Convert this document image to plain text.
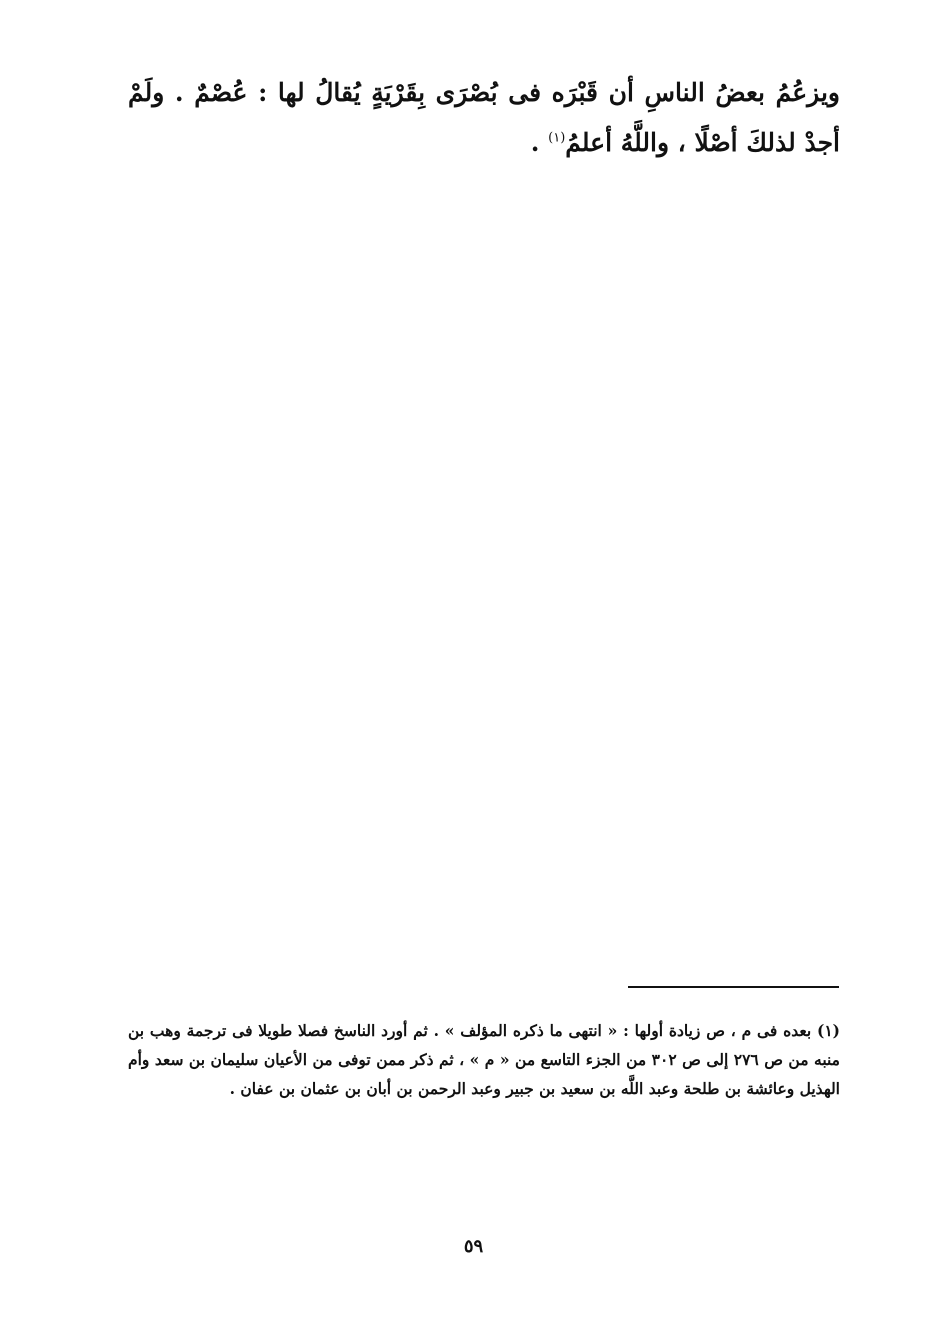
ويزعُمُ بعضُ الناسِ أن قَبْرَه فى بُصْرَى بِقَرْيَةٍ يُقالُ لها : عُصْمٌ . ولَمْ أجدْ لذلكَ أصْلًا ، واللَّهُ أعلمُ$^{(١)}$ .

(١) بعده فى م ، ص زيادة أولها : « انتهى ما ذكره المؤلف » . ثم أورد الناسخ فصلا طويلا فى ترجمة وهب بن منبه من ص ٢٧٦ إلى ص ٣٠٢ من الجزء التاسع من « م » ، ثم ذكر ممن توفى من الأعيان سليمان بن سعد وأم الهذيل وعائشة بن طلحة وعبد اللَّه بن سعيد بن جبير وعبد الرحمن بن أبان بن عثمان بن عفان .

٥٩
